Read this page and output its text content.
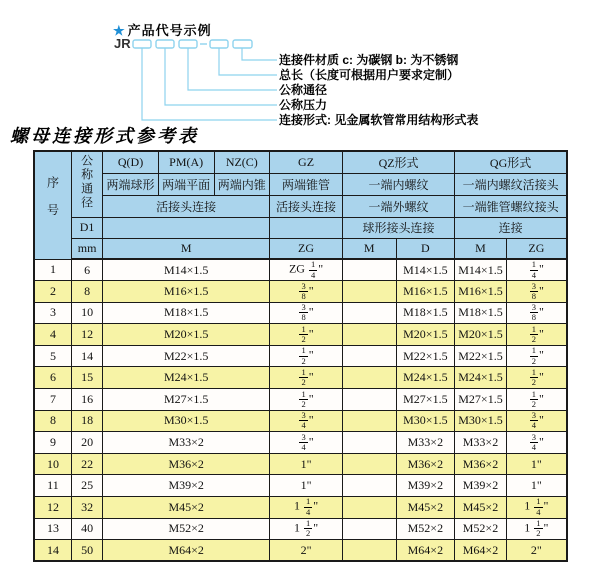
★ 产品代号示例
JR
连接件材质 c: 为碳钢 b: 为不锈钢
总长（长度可根据用户要求定制）
公称通径
公称压力
连接形式: 见金属软管常用结构形式表
螺母连接形式参考表
序号	公称通径	Q(D)	PM(A)	NZ(C)	GZ	QZ形式		QG形式	
		两端球形	两端平面	两端内锥	两端锥管	一端内螺纹		一端内螺纹活接头	
		活接头连接			活接头连接	一端外螺纹		一端锥管螺纹接头	
	D1					球形接头连接		连接	
	mm	M			ZG	M	D	M	ZG
1	6	M14×1.5			ZG $\frac{1}{4}$ "		M14×1.5	M14×1.5	$\frac{1}{4}$ "
2	8	M16×1.5			$\frac{3}{8}$ "		M16×1.5	M16×1.5	$\frac{3}{8}$ "
3	10	M18×1.5			$\frac{3}{8}$ "		M18×1.5	M18×1.5	$\frac{3}{8}$ "
4	12	M20×1.5			$\frac{1}{2}$ "		M20×1.5	M20×1.5	$\frac{1}{2}$ "
5	14	M22×1.5			$\frac{1}{2}$ "		M22×1.5	M22×1.5	$\frac{1}{2}$ "
6	15	M24×1.5			$\frac{1}{2}$ "		M24×1.5	M24×1.5	$\frac{1}{2}$ "
7	16	M27×1.5			$\frac{1}{2}$ "		M27×1.5	M27×1.5	$\frac{1}{2}$ "
8	18	M30×1.5			$\frac{3}{4}$ "		M30×1.5	M30×1.5	$\frac{3}{4}$ "
9	20	M33×2			$\frac{3}{4}$ "		M33×2	M33×2	$\frac{3}{4}$ "
10	22	M36×2			1"		M36×2	M36×2	1"
11	25	M39×2			1"		M39×2	M39×2	1"
12	32	M45×2			$1 \frac{1}{4}$ "		M45×2	M45×2	$1 \frac{1}{4}$ "
13	40	M52×2			$1 \frac{1}{2}$ "		M52×2	M52×2	$1 \frac{1}{2}$ "
14	50	M64×2			2"		M64×2	M64×2	2"
